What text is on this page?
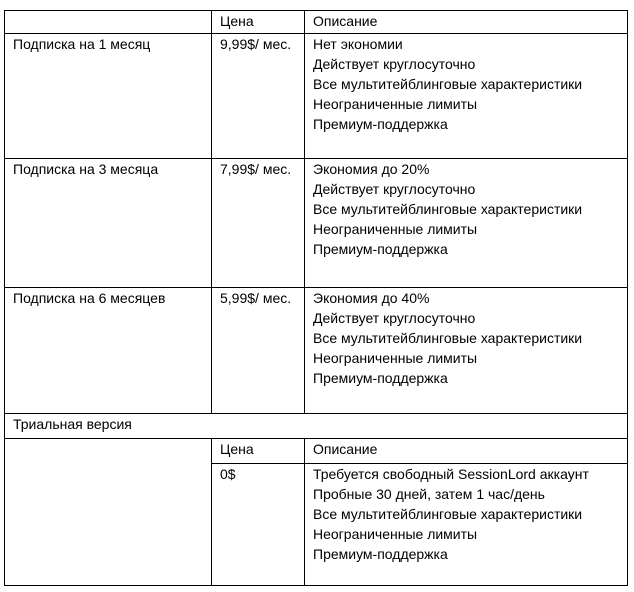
	Цена	Описание
Подписка на 1 месяц	9,99$/ мес.	Нет экономии
Действует круглосуточно
Все мультитейблинговые характеристики
Неограниченные лимиты
Премиум-поддержка

Подписка на 3 месяца	7,99$/ мес.	Экономия до 20%
Действует круглосуточно
Все мультитейблинговые характеристики
Неограниченные лимиты
Премиум-поддержка

Подписка на 6 месяцев	5,99$/ мес.	Экономия до 40%
Действует круглосуточно
Все мультитейблинговые характеристики
Неограниченные лимиты
Премиум-поддержка

Триальная версия		
	Цена	Описание
	0$	Требуется свободный SessionLord аккаунт
Пробные 30 дней, затем 1 час/день
Все мультитейблинговые характеристики
Неограниченные лимиты
Премиум-поддержка
